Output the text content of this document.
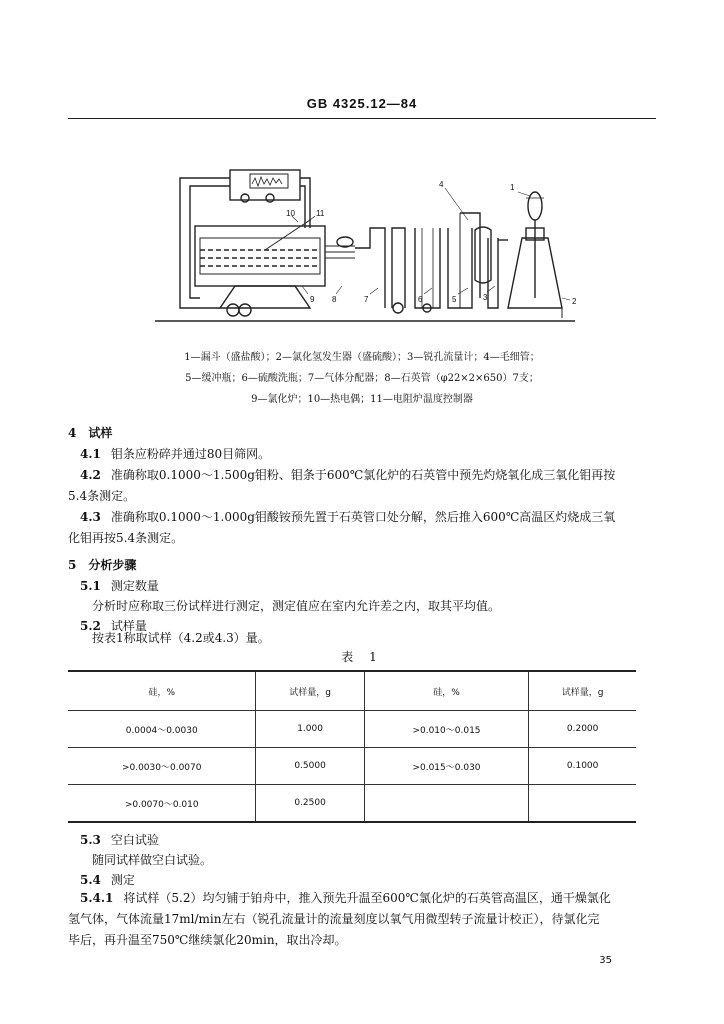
GB 4325.12—84
1
2
3
4
5
6
7
8
9
10	11
1—漏斗（盛盐酸）；2—氯化氢发生器（盛硫酸）；3—锐孔流量计；4—毛细管；
5—缓冲瓶；6—硫酸洗瓶；7—气体分配器；8—石英管（φ22×2×650）7支；
9—氯化炉；10—热电偶；11—电阻炉温度控制器
4　试样
4.1 钼条应粉碎并通过80目筛网。
4.2 准确称取0.1000～1.500g钼粉、钼条于600℃氯化炉的石英管中预先灼烧氧化成三氧化钼再按
5.4条测定。
4.3 准确称取0.1000～1.000g钼酸铵预先置于石英管口处分解，然后推入600℃高温区灼烧成三氧
化钼再按5.4条测定。
5　分析步骤
5.1 测定数量
分析时应称取三份试样进行测定，测定值应在室内允许差之内，取其平均值。
5.2 试样量
按表1称取试样（4.2或4.3）量。
表 1
硅，%	试样量，g	硅，%	试样量，g
0.0004～0.0030	1.000	>0.010～0.015	0.2000
>0.0030～0.0070	0.5000	>0.015～0.030	0.1000
>0.0070～0.010	0.2500		
5.3 空白试验
随同试样做空白试验。
5.4 测定
5.4.1 将试样（5.2）均匀铺于铂舟中，推入预先升温至600℃氯化炉的石英管高温区，通干燥氯化
氢气体，气体流量17ml/min左右（锐孔流量计的流量刻度以氧气用微型转子流量计校正），待氯化完
毕后，再升温至750℃继续氯化20min，取出冷却。
35
